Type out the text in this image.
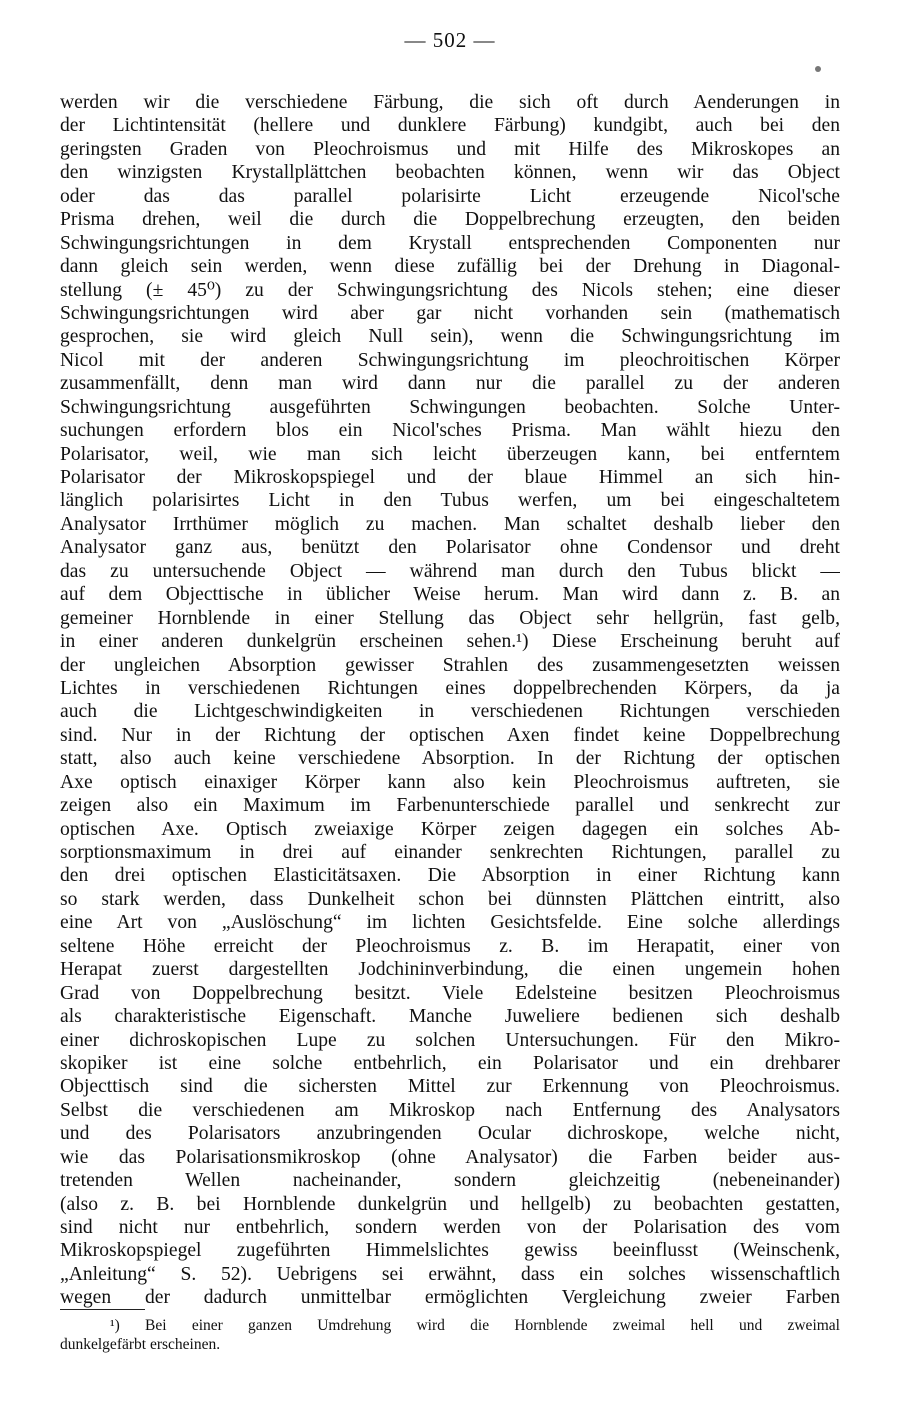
— 502 —
werden wir die verschiedene Färbung, die sich oft durch Aenderungen in
der Lichtintensität (hellere und dunklere Färbung) kundgibt, auch bei den
geringsten Graden von Pleochroismus und mit Hilfe des Mikroskopes an
den winzigsten Krystallplättchen beobachten können, wenn wir das Object
oder das das parallel polarisirte Licht erzeugende Nicol'sche
Prisma drehen, weil die durch die Doppelbrechung erzeugten, den beiden
Schwingungsrichtungen in dem Krystall entsprechenden Componenten nur
dann gleich sein werden, wenn diese zufällig bei der Drehung in Diagonal-
stellung (± 45⁰) zu der Schwingungsrichtung des Nicols stehen; eine dieser
Schwingungsrichtungen wird aber gar nicht vorhanden sein (mathematisch
gesprochen, sie wird gleich Null sein), wenn die Schwingungsrichtung im
Nicol mit der anderen Schwingungsrichtung im pleochroitischen Körper
zusammenfällt, denn man wird dann nur die parallel zu der anderen
Schwingungsrichtung ausgeführten Schwingungen beobachten. Solche Unter-
suchungen erfordern blos ein Nicol'sches Prisma. Man wählt hiezu den
Polarisator, weil, wie man sich leicht überzeugen kann, bei entferntem
Polarisator der Mikroskopspiegel und der blaue Himmel an sich hin-
länglich polarisirtes Licht in den Tubus werfen, um bei eingeschaltetem
Analysator Irrthümer möglich zu machen. Man schaltet deshalb lieber den
Analysator ganz aus, benützt den Polarisator ohne Condensor und dreht
das zu untersuchende Object — während man durch den Tubus blickt —
auf dem Objecttische in üblicher Weise herum. Man wird dann z. B. an
gemeiner Hornblende in einer Stellung das Object sehr hellgrün, fast gelb,
in einer anderen dunkelgrün erscheinen sehen.¹) Diese Erscheinung beruht auf
der ungleichen Absorption gewisser Strahlen des zusammengesetzten weissen
Lichtes in verschiedenen Richtungen eines doppelbrechenden Körpers, da ja
auch die Lichtgeschwindigkeiten in verschiedenen Richtungen verschieden
sind. Nur in der Richtung der optischen Axen findet keine Doppelbrechung
statt, also auch keine verschiedene Absorption. In der Richtung der optischen
Axe optisch einaxiger Körper kann also kein Pleochroismus auftreten, sie
zeigen also ein Maximum im Farbenunterschiede parallel und senkrecht zur
optischen Axe. Optisch zweiaxige Körper zeigen dagegen ein solches Ab-
sorptionsmaximum in drei auf einander senkrechten Richtungen, parallel zu
den drei optischen Elasticitätsaxen. Die Absorption in einer Richtung kann
so stark werden, dass Dunkelheit schon bei dünnsten Plättchen eintritt, also
eine Art von „Auslöschung“ im lichten Gesichtsfelde. Eine solche allerdings
seltene Höhe erreicht der Pleochroismus z. B. im Herapatit, einer von
Herapat zuerst dargestellten Jodchininverbindung, die einen ungemein hohen
Grad von Doppelbrechung besitzt. Viele Edelsteine besitzen Pleochroismus
als charakteristische Eigenschaft. Manche Juweliere bedienen sich deshalb
einer dichroskopischen Lupe zu solchen Untersuchungen. Für den Mikro-
skopiker ist eine solche entbehrlich, ein Polarisator und ein drehbarer
Objecttisch sind die sichersten Mittel zur Erkennung von Pleochroismus.
Selbst die verschiedenen am Mikroskop nach Entfernung des Analysators
und des Polarisators anzubringenden Ocular dichroskope, welche nicht,
wie das Polarisationsmikroskop (ohne Analysator) die Farben beider aus-
tretenden Wellen nacheinander, sondern gleichzeitig (nebeneinander)
(also z. B. bei Hornblende dunkelgrün und hellgelb) zu beobachten gestatten,
sind nicht nur entbehrlich, sondern werden von der Polarisation des vom
Mikroskopspiegel zugeführten Himmelslichtes gewiss beeinflusst (Weinschenk,
„Anleitung“ S. 52). Uebrigens sei erwähnt, dass ein solches wissenschaftlich
wegen der dadurch unmittelbar ermöglichten Vergleichung zweier Farben
¹) Bei einer ganzen Umdrehung wird die Hornblende zweimal hell und zweimal
dunkelgefärbt erscheinen.
